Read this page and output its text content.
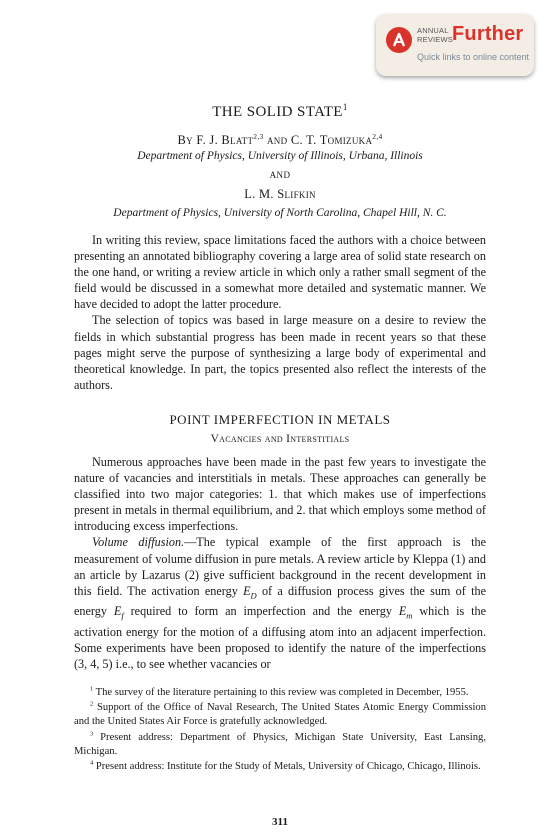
ANNUAL
REVIEWS Further
Quick links to online content
THE SOLID STATE$^1$
By F. J. Blatt$^{2,3}$ and C. T. Tomizuka$^{2,4}$
Department of Physics, University of Illinois, Urbana, Illinois
AND
L. M. Slifkin
Department of Physics, University of North Carolina, Chapel Hill, N. C.

In writing this review, space limitations faced the authors with a choice between presenting an annotated bibliography covering a large area of solid state research on the one hand, or writing a review article in which only a rather small segment of the field would be discussed in a somewhat more detailed and systematic manner. We have decided to adopt the latter procedure.

The selection of topics was based in large measure on a desire to review the fields in which substantial progress has been made in recent years so that these pages might serve the purpose of synthesizing a large body of experimental and theoretical knowledge. In part, the topics presented also reflect the interests of the authors.

POINT IMPERFECTION IN METALS
Vacancies and Interstitials

Numerous approaches have been made in the past few years to investigate the nature of vacancies and interstitials in metals. These approaches can generally be classified into two major categories: 1. that which makes use of imperfections present in metals in thermal equilibrium, and 2. that which employs some method of introducing excess imperfections.

Volume diffusion.—The typical example of the first approach is the measurement of volume diffusion in pure metals. A review article by Kleppa (1) and an article by Lazarus (2) give sufficient background in the recent development in this field. The activation energy $E_D$ of a diffusion process gives the sum of the energy $E_f$ required to form an imperfection and the energy $E_m$ which is the activation energy for the motion of a diffusing atom into an adjacent imperfection. Some experiments have been proposed to identify the nature of the imperfections (3, 4, 5) i.e., to see whether vacancies or

$^1$ The survey of the literature pertaining to this review was completed in December, 1955.

$^2$ Support of the Office of Naval Research, The United States Atomic Energy Commission and the United States Air Force is gratefully acknowledged.

$^3$ Present address: Department of Physics, Michigan State University, East Lansing, Michigan.

$^4$ Present address: Institute for the Study of Metals, University of Chicago, Chicago, Illinois.

311
